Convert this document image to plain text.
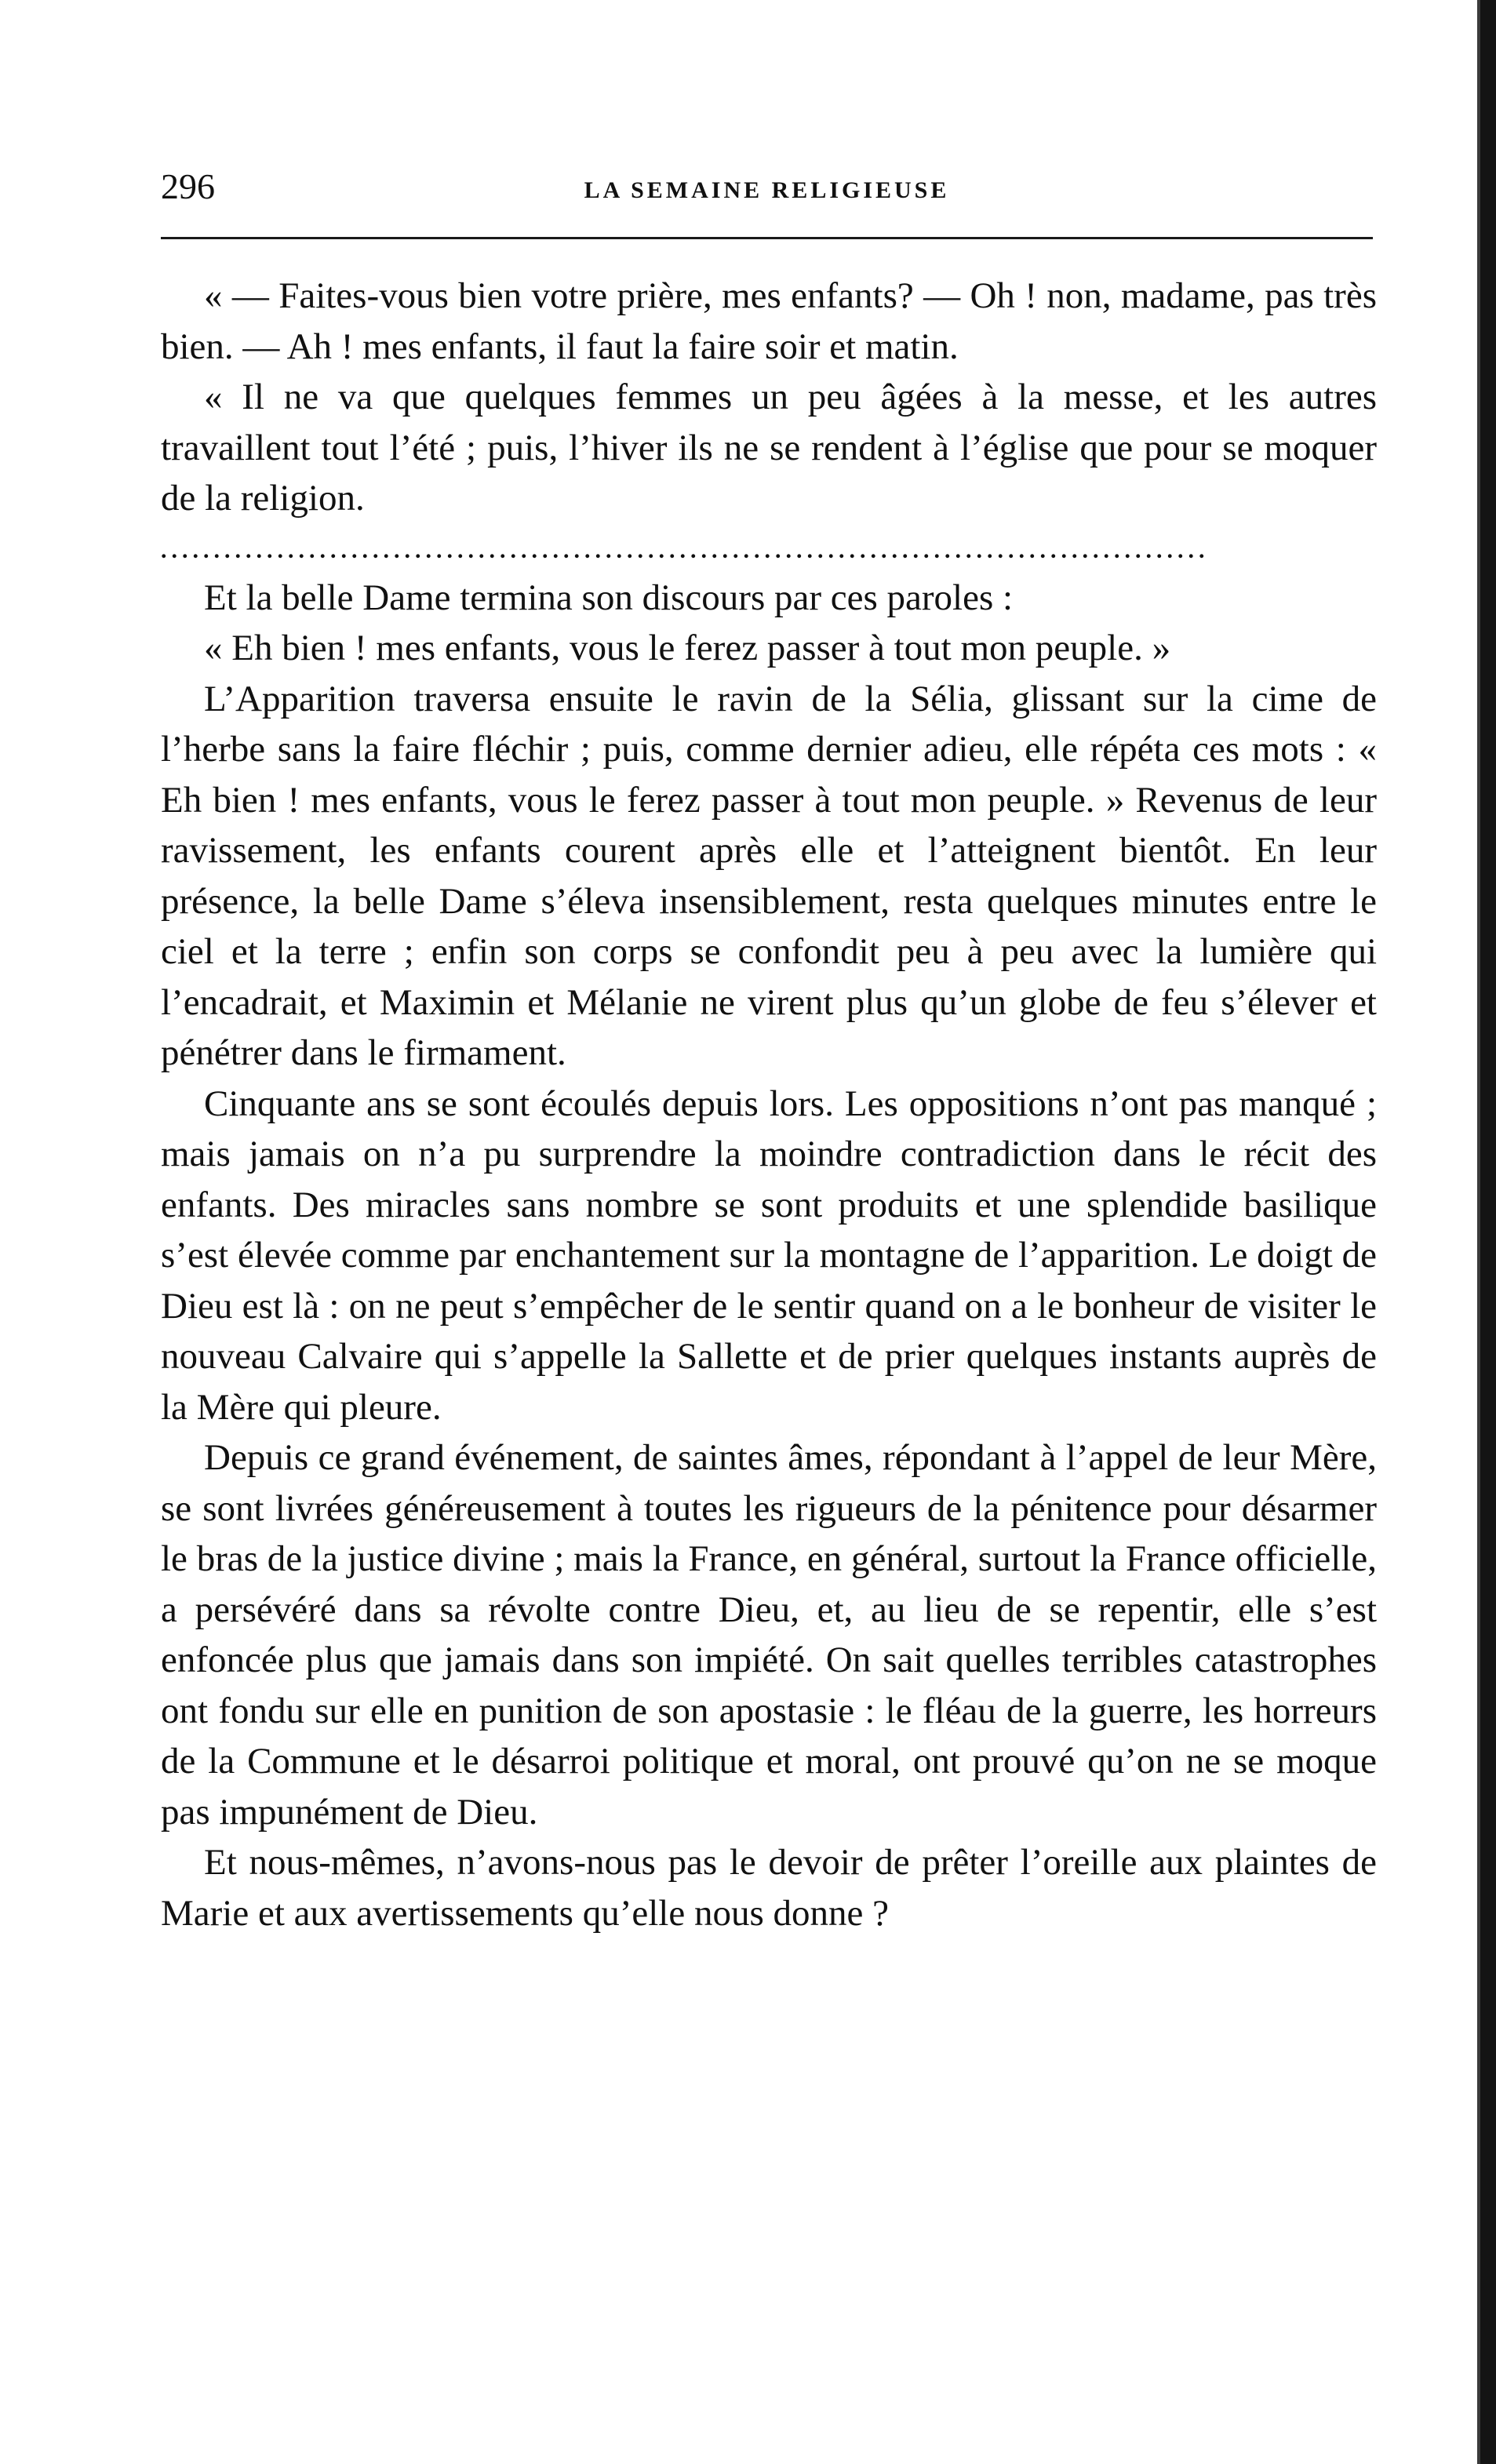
296	LA SEMAINE RELIGIEUSE

« — Faites-vous bien votre prière, mes enfants? — Oh ! non, madame, pas très bien. — Ah ! mes enfants, il faut la faire soir et matin.

« Il ne va que quelques femmes un peu âgées à la messe, et les autres travaillent tout l’été ; puis, l’hiver ils ne se rendent à l’église que pour se moquer de la religion.

...................................................................................................

Et la belle Dame termina son discours par ces paroles :

« Eh bien ! mes enfants, vous le ferez passer à tout mon peuple. »

L’Apparition traversa ensuite le ravin de la Sélia, glissant sur la cime de l’herbe sans la faire fléchir ; puis, comme dernier adieu, elle répéta ces mots : « Eh bien ! mes enfants, vous le ferez passer à tout mon peuple. » Revenus de leur ravissement, les enfants courent après elle et l’atteignent bientôt. En leur présence, la belle Dame s’éleva insensiblement, resta quelques minutes entre le ciel et la terre ; enfin son corps se confondit peu à peu avec la lumière qui l’encadrait, et Maximin et Mélanie ne virent plus qu’un globe de feu s’élever et pénétrer dans le firmament.

Cinquante ans se sont écoulés depuis lors. Les oppositions n’ont pas manqué ; mais jamais on n’a pu surprendre la moindre contradiction dans le récit des enfants. Des miracles sans nombre se sont produits et une splendide basilique s’est élevée comme par enchantement sur la montagne de l’apparition. Le doigt de Dieu est là : on ne peut s’empêcher de le sentir quand on a le bonheur de visiter le nouveau Calvaire qui s’appelle la Sallette et de prier quelques instants auprès de la Mère qui pleure.

Depuis ce grand événement, de saintes âmes, répondant à l’appel de leur Mère, se sont livrées généreusement à toutes les rigueurs de la pénitence pour désarmer le bras de la justice divine ; mais la France, en général, surtout la France officielle, a persévéré dans sa révolte contre Dieu, et, au lieu de se repentir, elle s’est enfoncée plus que jamais dans son impiété. On sait quelles terribles catastrophes ont fondu sur elle en punition de son apostasie : le fléau de la guerre, les horreurs de la Commune et le désarroi politique et moral, ont prouvé qu’on ne se moque pas impunément de Dieu.

Et nous-mêmes, n’avons-nous pas le devoir de prêter l’oreille aux plaintes de Marie et aux avertissements qu’elle nous donne ?
